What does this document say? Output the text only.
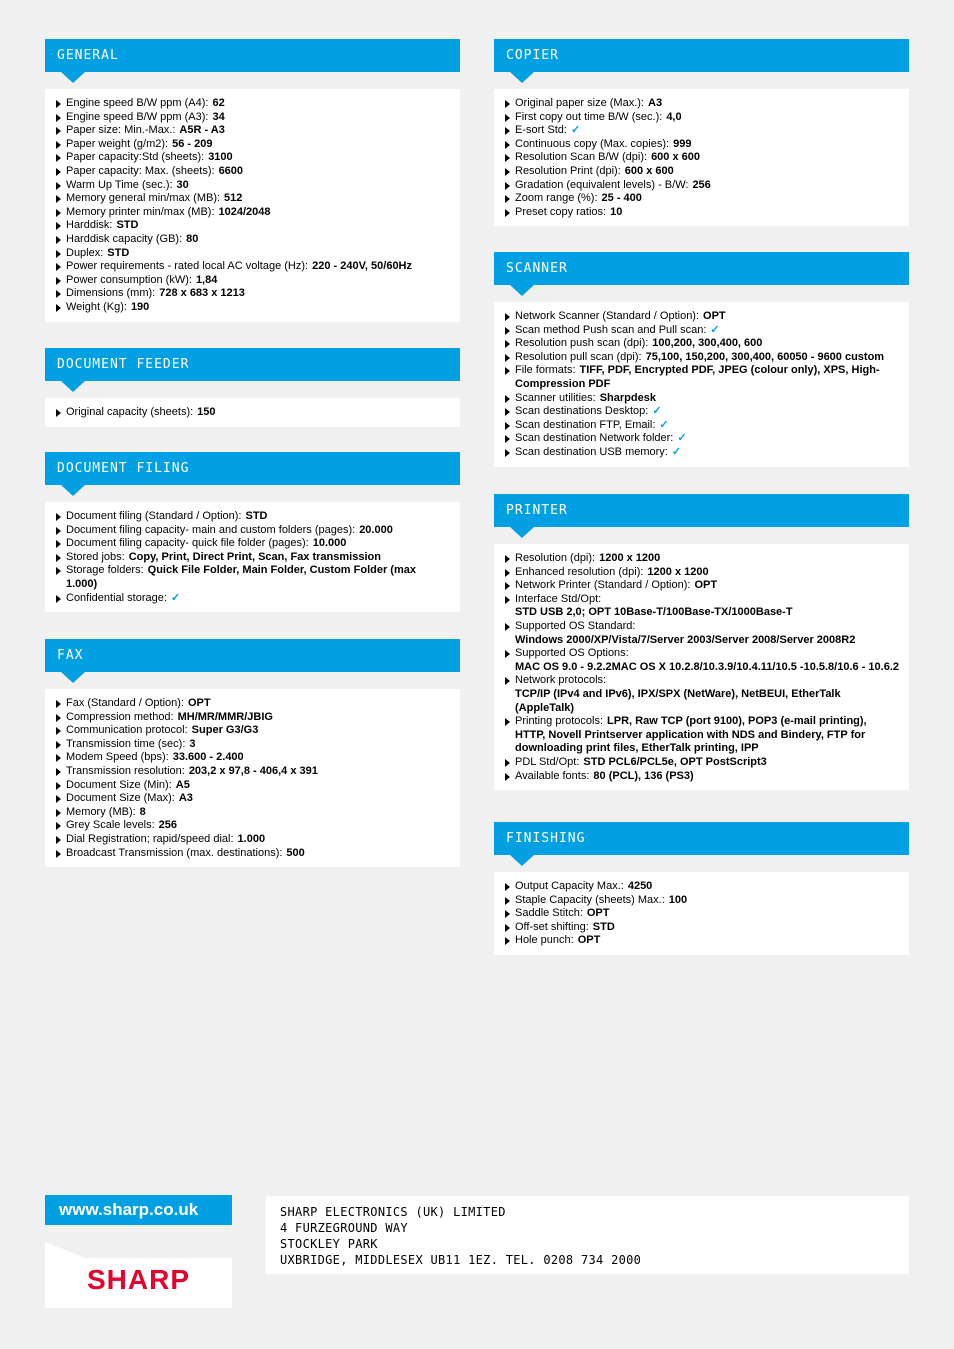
GENERAL
Engine speed B/W ppm (A4): 62
Engine speed B/W ppm (A3): 34
Paper size: Min.-Max.: A5R - A3
Paper weight (g/m2): 56 - 209
Paper capacity:Std (sheets): 3100
Paper capacity: Max. (sheets): 6600
Warm Up Time (sec.): 30
Memory general min/max (MB): 512
Memory printer min/max (MB): 1024/2048
Harddisk: STD
Harddisk capacity (GB): 80
Duplex: STD
Power requirements - rated local AC voltage (Hz): 220 - 240V, 50/60Hz
Power consumption (kW): 1,84
Dimensions (mm): 728 x 683 x 1213
Weight (Kg): 190
DOCUMENT FEEDER
Original capacity (sheets): 150
DOCUMENT FILING
Document filing (Standard / Option): STD
Document filing capacity- main and custom folders (pages): 20.000
Document filing capacity- quick file folder (pages): 10.000
Stored jobs: Copy, Print, Direct Print, Scan, Fax transmission
Storage folders: Quick File Folder, Main Folder, Custom Folder (max 1.000)
Confidential storage: ✓
FAX
Fax (Standard / Option): OPT
Compression method: MH/MR/MMR/JBIG
Communication protocol: Super G3/G3
Transmission time (sec): 3
Modem Speed (bps): 33.600 - 2.400
Transmission resolution: 203,2 x 97,8 - 406,4 x 391
Document Size (Min): A5
Document Size (Max): A3
Memory (MB): 8
Grey Scale levels: 256
Dial Registration; rapid/speed dial: 1.000
Broadcast Transmission (max. destinations): 500
COPIER
Original paper size (Max.): A3
First copy out time B/W (sec.): 4,0
E-sort Std: ✓
Continuous copy (Max. copies): 999
Resolution Scan B/W (dpi): 600 x 600
Resolution Print (dpi): 600 x 600
Gradation (equivalent levels) - B/W: 256
Zoom range (%): 25 - 400
Preset copy ratios: 10
SCANNER
Network Scanner (Standard / Option): OPT
Scan method Push scan and Pull scan: ✓
Resolution push scan (dpi): 100,200, 300,400, 600
Resolution pull scan (dpi): 75,100, 150,200, 300,400, 60050 - 9600 custom
File formats: TIFF, PDF, Encrypted PDF, JPEG (colour only), XPS, High-Compression PDF
Scanner utilities: Sharpdesk
Scan destinations Desktop: ✓
Scan destination FTP, Email: ✓
Scan destination Network folder: ✓
Scan destination USB memory: ✓
PRINTER
Resolution (dpi): 1200 x 1200
Enhanced resolution (dpi): 1200 x 1200
Network Printer (Standard / Option): OPT
Interface Std/Opt:
STD USB 2,0; OPT 10Base-T/100Base-TX/1000Base-T
Supported OS Standard:
Windows 2000/XP/Vista/7/Server 2003/Server 2008/Server 2008R2
Supported OS Options:
MAC OS 9.0 - 9.2.2MAC OS X 10.2.8/10.3.9/10.4.11/10.5 -10.5.8/10.6 - 10.6.2
Network protocols:
TCP/IP (IPv4 and IPv6), IPX/SPX (NetWare), NetBEUI, EtherTalk (AppleTalk)
Printing protocols: LPR, Raw TCP (port 9100), POP3 (e-mail printing), HTTP, Novell Printserver application with NDS and Bindery, FTP for downloading print files, EtherTalk printing, IPP
PDL Std/Opt: STD PCL6/PCL5e, OPT PostScript3
Available fonts: 80 (PCL), 136 (PS3)
FINISHING
Output Capacity Max.: 4250
Staple Capacity (sheets) Max.: 100
Saddle Stitch: OPT
Off-set shifting: STD
Hole punch: OPT
www.sharp.co.uk
SHARP
SHARP ELECTRONICS (UK) LIMITED
4 FURZEGROUND WAY
STOCKLEY PARK
UXBRIDGE, MIDDLESEX UB11 1EZ. TEL. 0208 734 2000
